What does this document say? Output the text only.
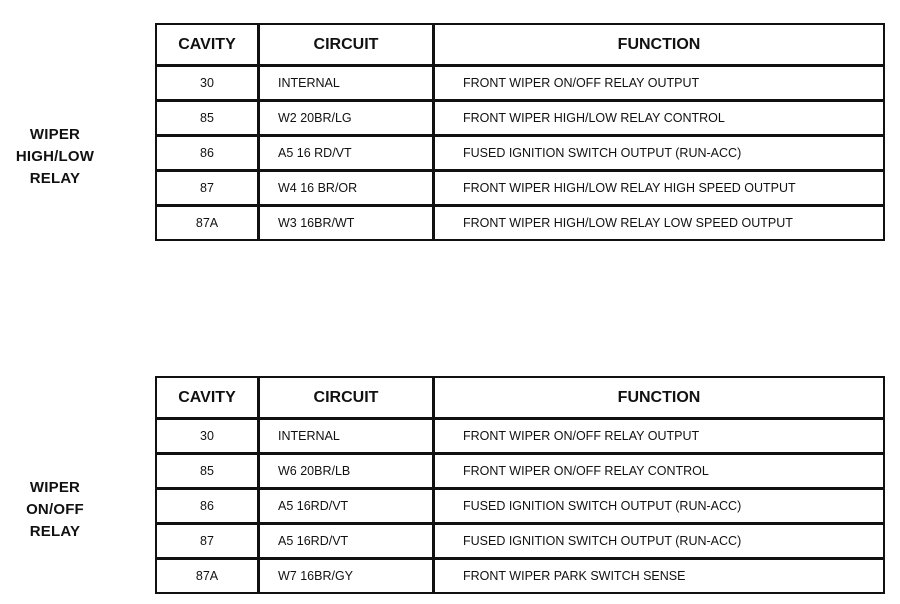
WIPER
HIGH/LOW
RELAY
CAVITY	CIRCUIT	FUNCTION
30	INTERNAL	FRONT WIPER ON/OFF RELAY OUTPUT
85	W2 20BR/LG	FRONT WIPER HIGH/LOW RELAY CONTROL
86	A5 16 RD/VT	FUSED IGNITION SWITCH OUTPUT (RUN-ACC)
87	W4 16 BR/OR	FRONT WIPER HIGH/LOW RELAY HIGH SPEED OUTPUT
87A	W3 16BR/WT	FRONT WIPER HIGH/LOW RELAY LOW SPEED OUTPUT
WIPER
ON/OFF
RELAY
CAVITY	CIRCUIT	FUNCTION
30	INTERNAL	FRONT WIPER ON/OFF RELAY OUTPUT
85	W6 20BR/LB	FRONT WIPER ON/OFF RELAY CONTROL
86	A5 16RD/VT	FUSED IGNITION SWITCH OUTPUT (RUN-ACC)
87	A5 16RD/VT	FUSED IGNITION SWITCH OUTPUT (RUN-ACC)
87A	W7 16BR/GY	FRONT WIPER PARK SWITCH SENSE
